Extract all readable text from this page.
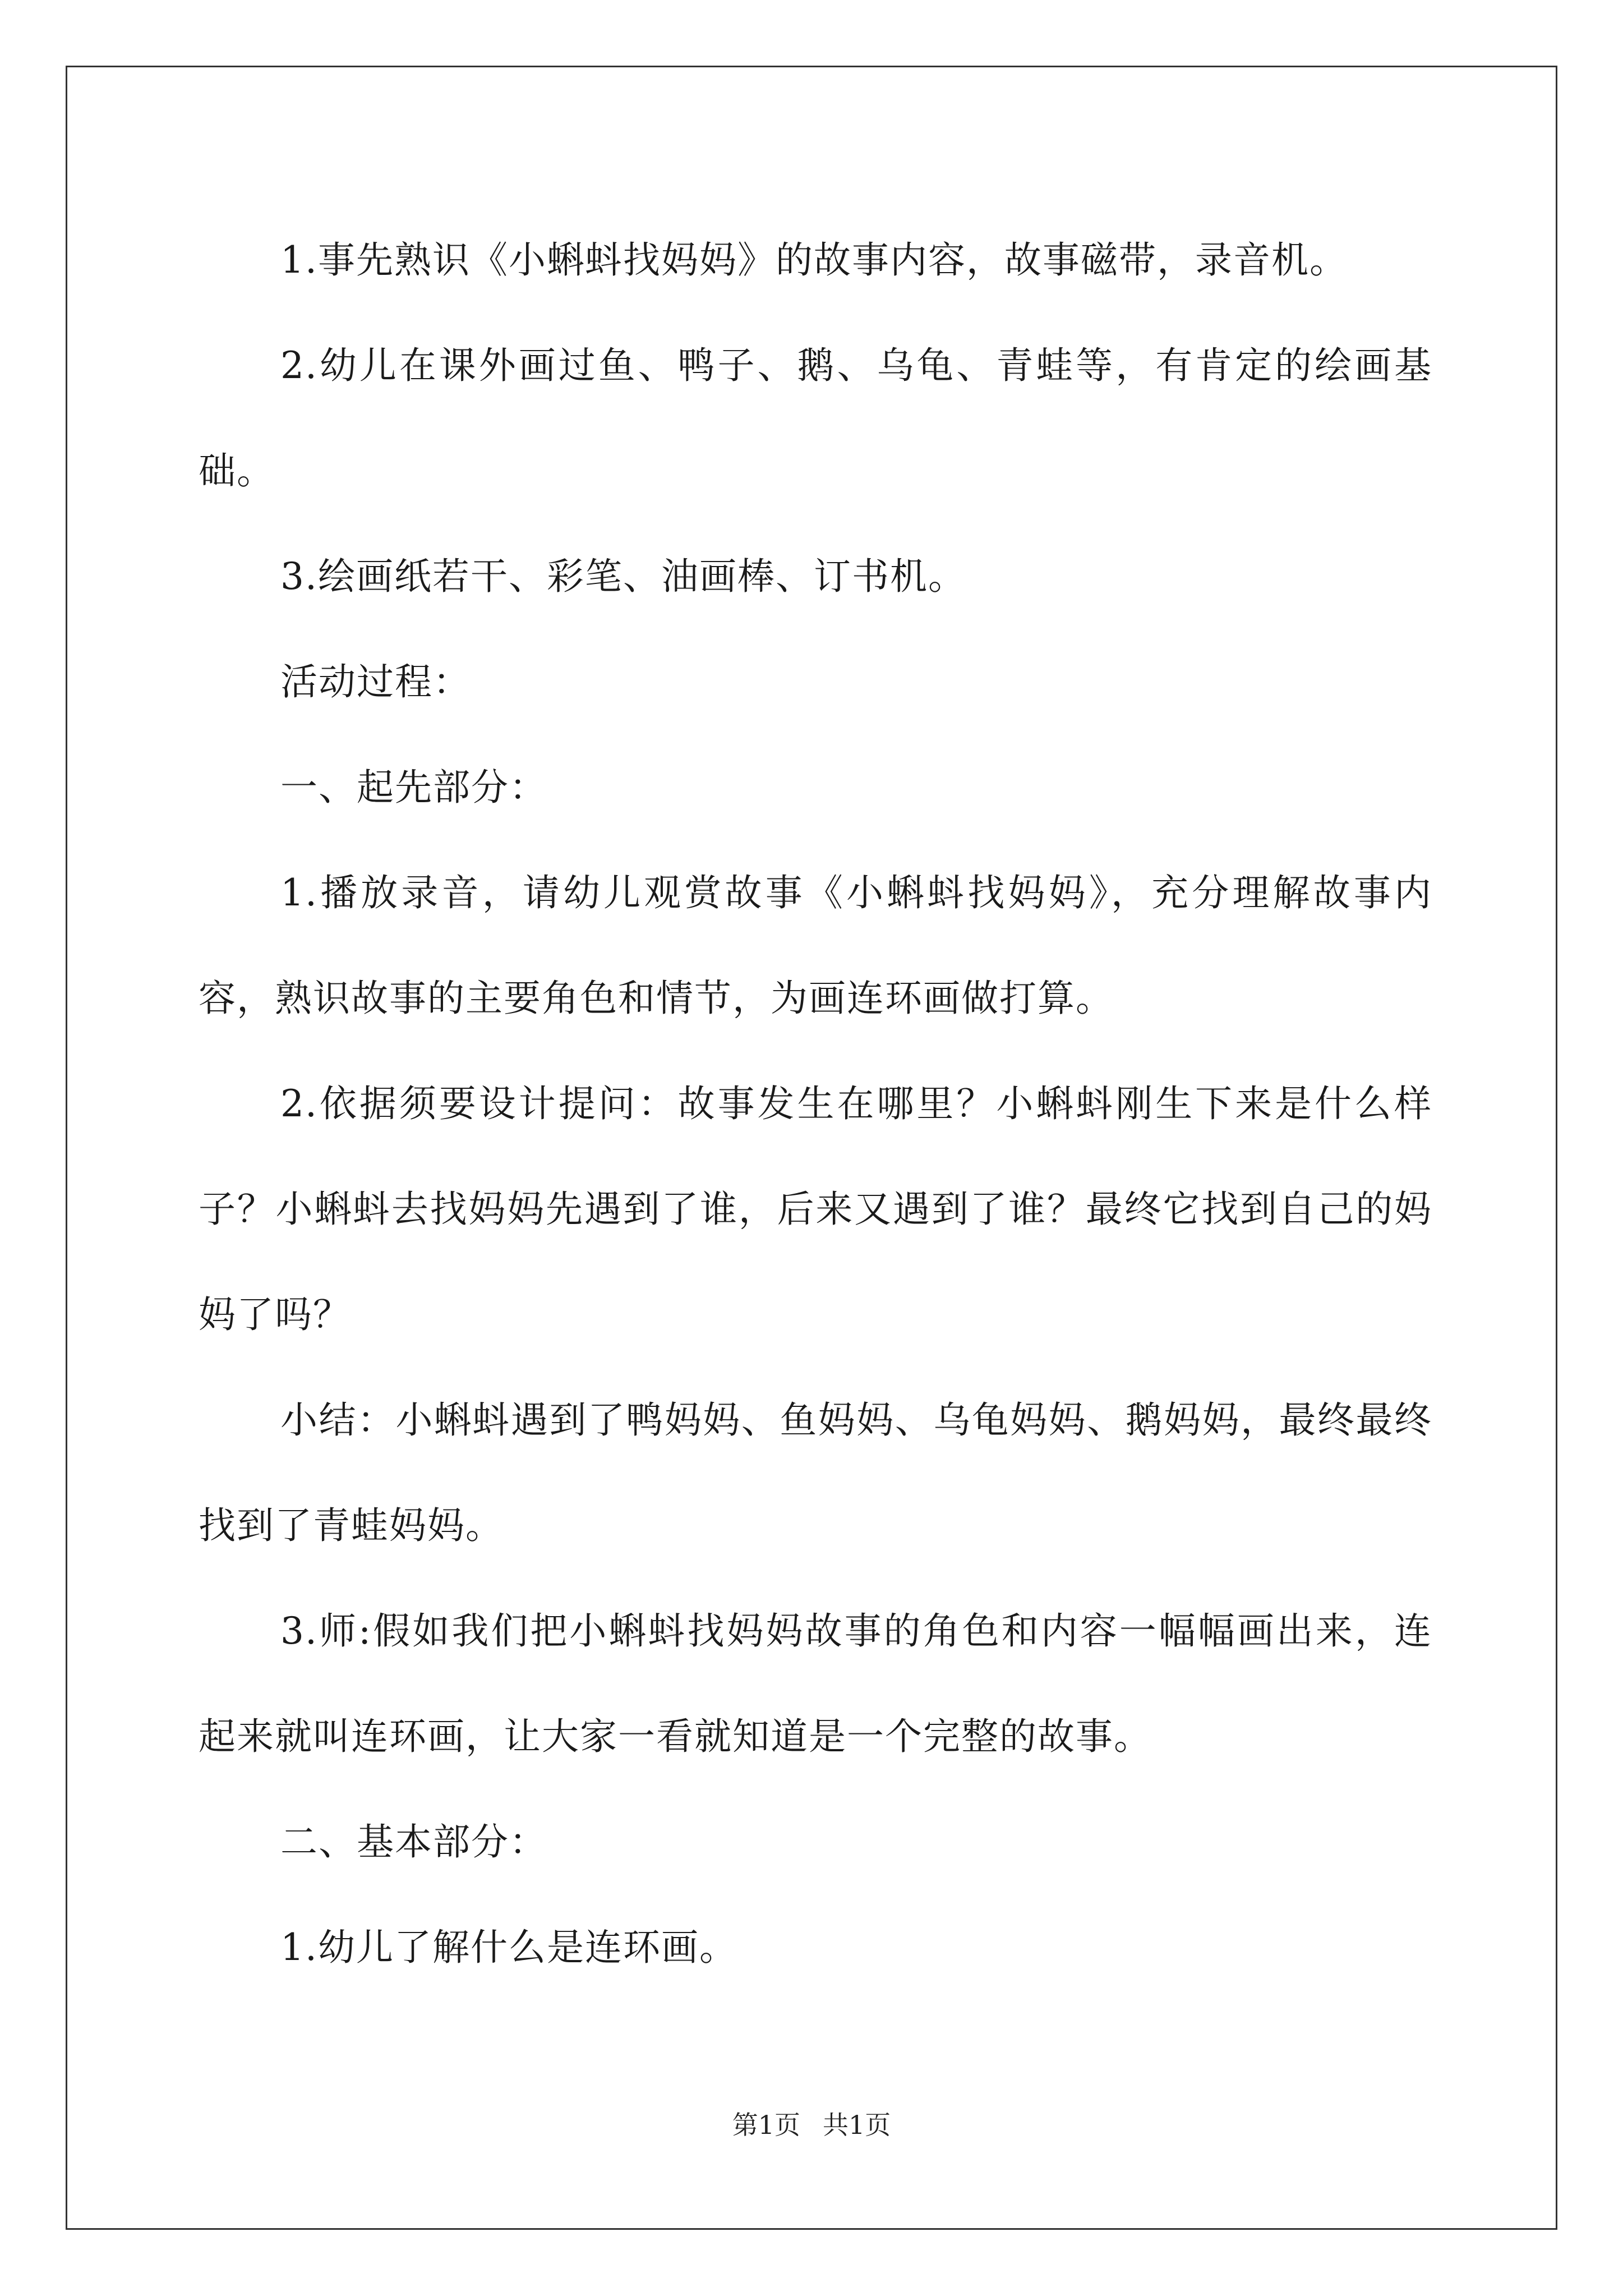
1.事先熟识《小蝌蚪找妈妈》的故事内容，故事磁带，录音机。

2.幼儿在课外画过鱼、鸭子、鹅、乌龟、青蛙等，有肯定的绘画基础。

3.绘画纸若干、彩笔、油画棒、订书机。

活动过程：

一、起先部分：

1.播放录音，请幼儿观赏故事《小蝌蚪找妈妈》，充分理解故事内容，熟识故事的主要角色和情节，为画连环画做打算。

2.依据须要设计提问：故事发生在哪里？小蝌蚪刚生下来是什么样子？小蝌蚪去找妈妈先遇到了谁，后来又遇到了谁？最终它找到自己的妈妈了吗？

小结：小蝌蚪遇到了鸭妈妈、鱼妈妈、乌龟妈妈、鹅妈妈，最终最终找到了青蛙妈妈。

3.师:假如我们把小蝌蚪找妈妈故事的角色和内容一幅幅画出来，连起来就叫连环画，让大家一看就知道是一个完整的故事。

二、基本部分：

1.幼儿了解什么是连环画。

第1页 共1页
